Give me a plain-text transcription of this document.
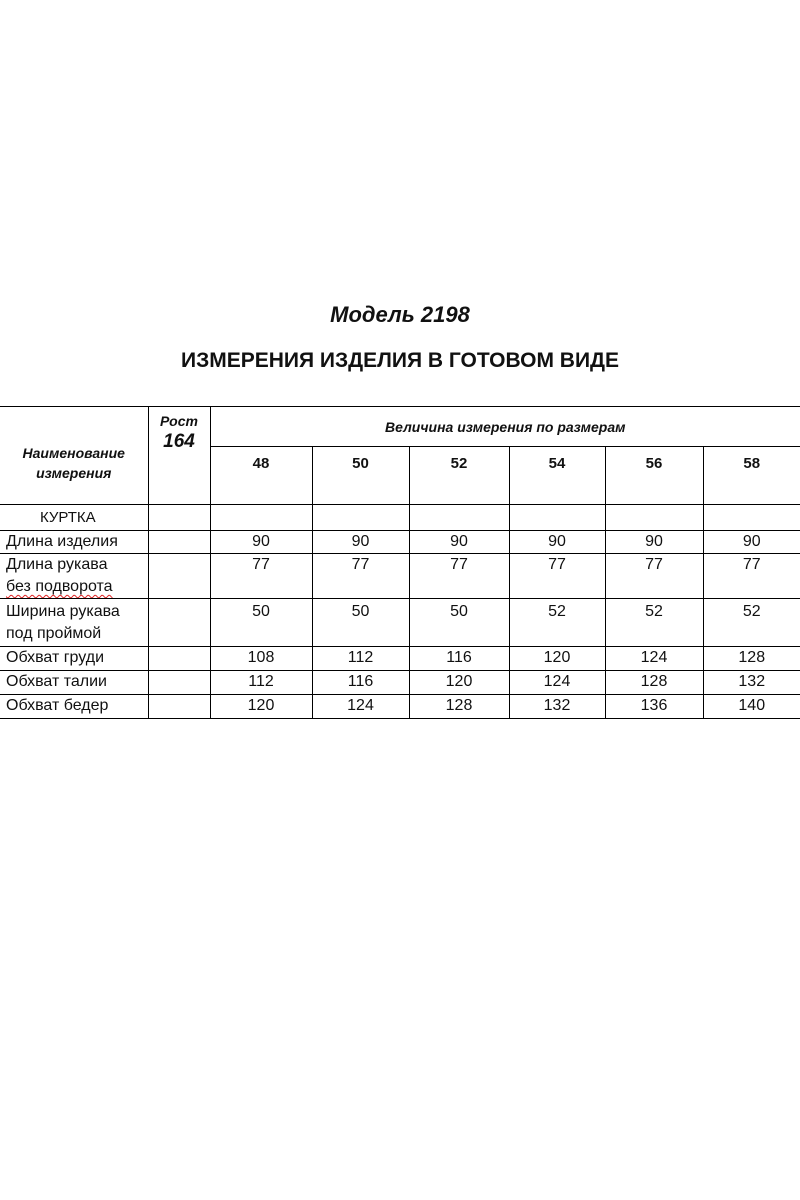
Модель 2198
ИЗМЕРЕНИЯ ИЗДЕЛИЯ В ГОТОВОМ ВИДЕ
Наименование
измерения	Рост
164	Величина измерения по размерам					
		48	50	52	54	56	58
КУРТКА							
Длина изделия		90	90	90	90	90	90
Длина рукава
без подворота		77	77	77	77	77	77
Ширина рукава
под проймой		50	50	50	52	52	52
Обхват груди		108	112	116	120	124	128
Обхват талии		112	116	120	124	128	132
Обхват бедер		120	124	128	132	136	140
